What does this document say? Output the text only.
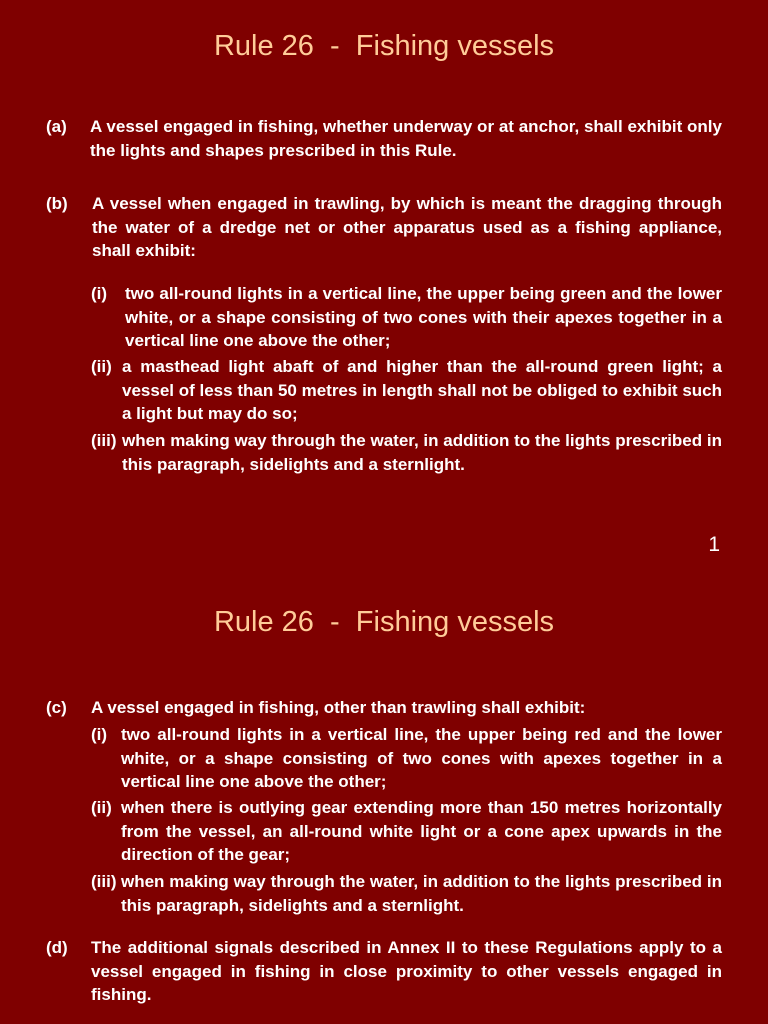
Rule 26  -  Fishing vessels
(a) A vessel engaged in fishing, whether underway or at anchor, shall exhibit only the lights and shapes prescribed in this Rule.
(b) A vessel when engaged in trawling, by which is meant the dragging through the water of a dredge net or other apparatus used as a fishing appliance, shall exhibit:
(i) two all-round lights in a vertical line, the upper being green and the lower white, or a shape consisting of two cones with their apexes together in a vertical line one above the other;
(ii) a masthead light abaft of and higher than the all-round green light; a vessel of less than 50 metres in length shall not be obliged to exhibit such a light but may do so;
(iii) when making way through the water, in addition to the lights prescribed in this paragraph, sidelights and a sternlight.
1
Rule 26  -  Fishing vessels
(c) A vessel engaged in fishing, other than trawling shall exhibit:
(i) two all-round lights in a vertical line, the upper being red and the lower white, or a shape consisting of two cones with apexes together in a vertical line one above the other;
(ii) when there is outlying gear extending more than 150 metres horizontally from the vessel, an all-round white light or a cone apex upwards in the direction of the gear;
(iii) when making way through the water, in addition to the lights prescribed in this paragraph, sidelights and a sternlight.
(d) The additional signals described in Annex II to these Regulations apply to a vessel engaged in fishing in close proximity to other vessels engaged in fishing.
